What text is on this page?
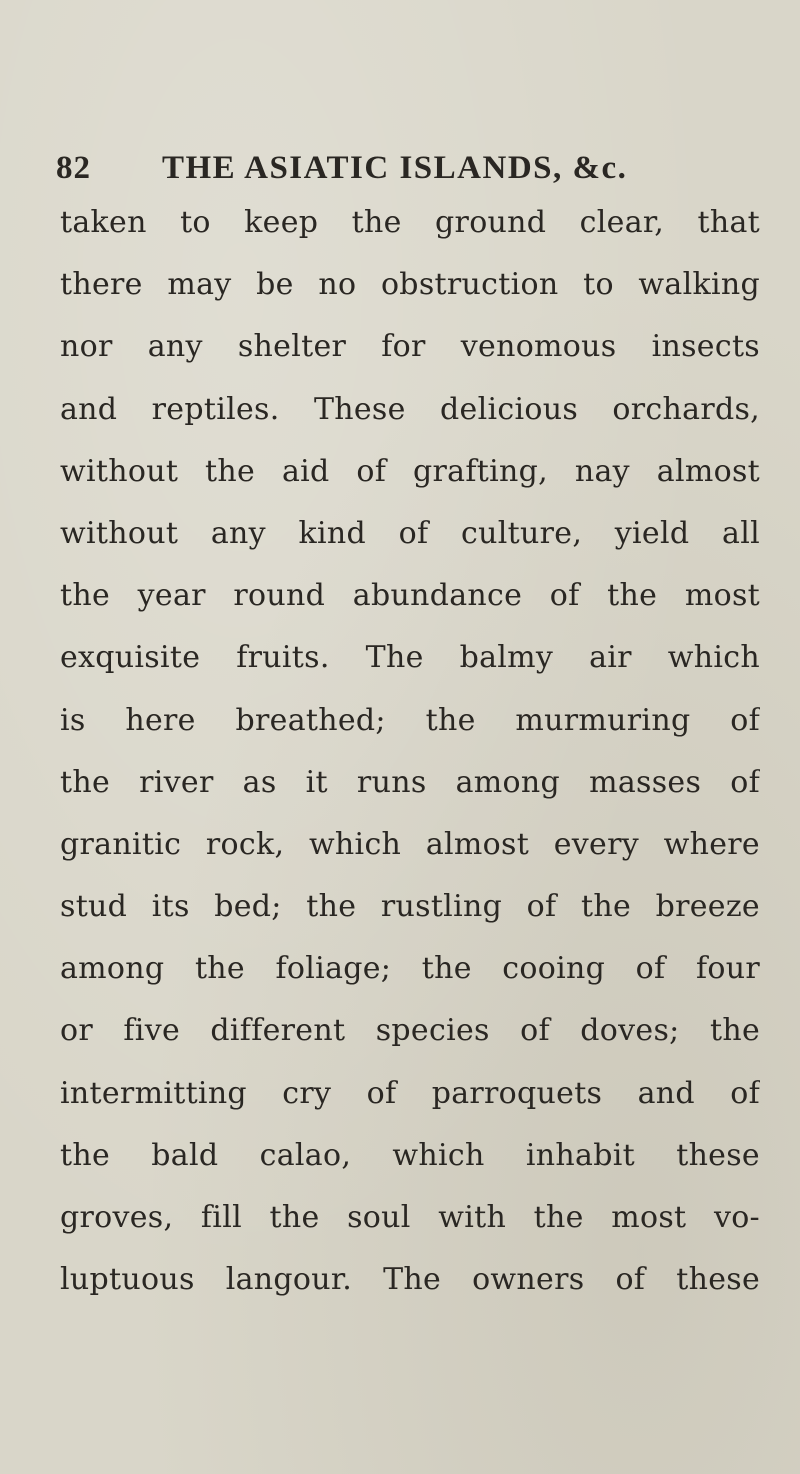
82 THE ASIATIC ISLANDS, &c.
taken to keep the ground clear, that
there may be no obstruction to walking
nor any shelter for venomous insects
and reptiles. These delicious orchards,
without the aid of grafting, nay almost
without any kind of culture, yield all
the year round abundance of the most
exquisite fruits. The balmy air which
is here breathed; the murmuring of
the river as it runs among masses of
granitic rock, which almost every where
stud its bed; the rustling of the breeze
among the foliage; the cooing of four
or five different species of doves; the
intermitting cry of parroquets and of
the bald calao, which inhabit these
groves, fill the soul with the most vo-
luptuous langour. The owners of these
